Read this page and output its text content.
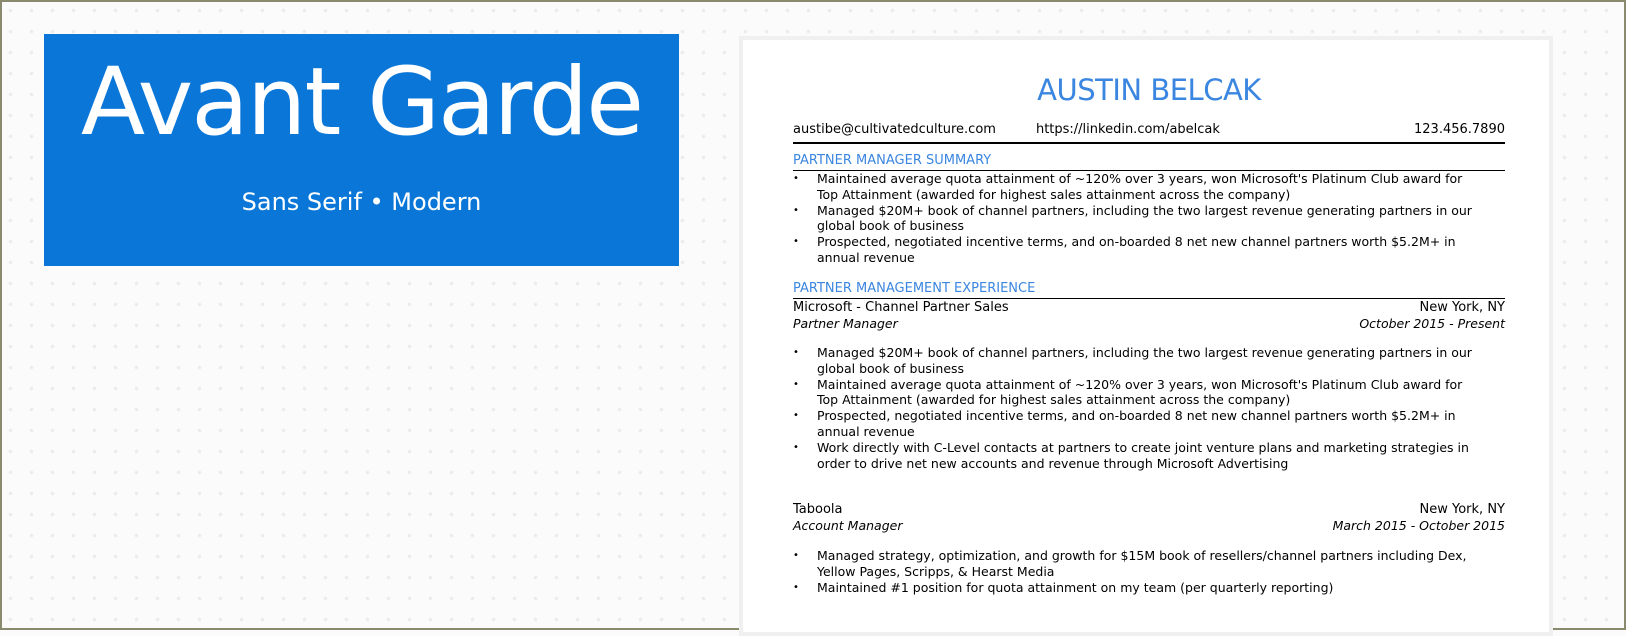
Avant Garde
Sans Serif • Modern
AUSTIN BELCAK
austibe@cultivatedculture.com	https://linkedin.com/abelcak	123.456.7890
PARTNER MANAGER SUMMARY
• Maintained average quota attainment of ~120% over 3 years, won Microsoft's Platinum Club award for Top Attainment (awarded for highest sales attainment across the company)
• Managed $20M+ book of channel partners, including the two largest revenue generating partners in our global book of business
• Prospected, negotiated incentive terms, and on-boarded 8 net new channel partners worth $5.2M+ in annual revenue
PARTNER MANAGEMENT EXPERIENCE
Microsoft - Channel Partner Sales	New York, NY
Partner Manager	October 2015 - Present
• Managed $20M+ book of channel partners, including the two largest revenue generating partners in our global book of business
• Maintained average quota attainment of ~120% over 3 years, won Microsoft's Platinum Club award for Top Attainment (awarded for highest sales attainment across the company)
• Prospected, negotiated incentive terms, and on-boarded 8 net new channel partners worth $5.2M+ in annual revenue
• Work directly with C-Level contacts at partners to create joint venture plans and marketing strategies in order to drive net new accounts and revenue through Microsoft Advertising
Taboola	New York, NY
Account Manager	March 2015 - October 2015
• Managed strategy, optimization, and growth for $15M book of resellers/channel partners including Dex, Yellow Pages, Scripps, & Hearst Media
• Maintained #1 position for quota attainment on my team (per quarterly reporting)
